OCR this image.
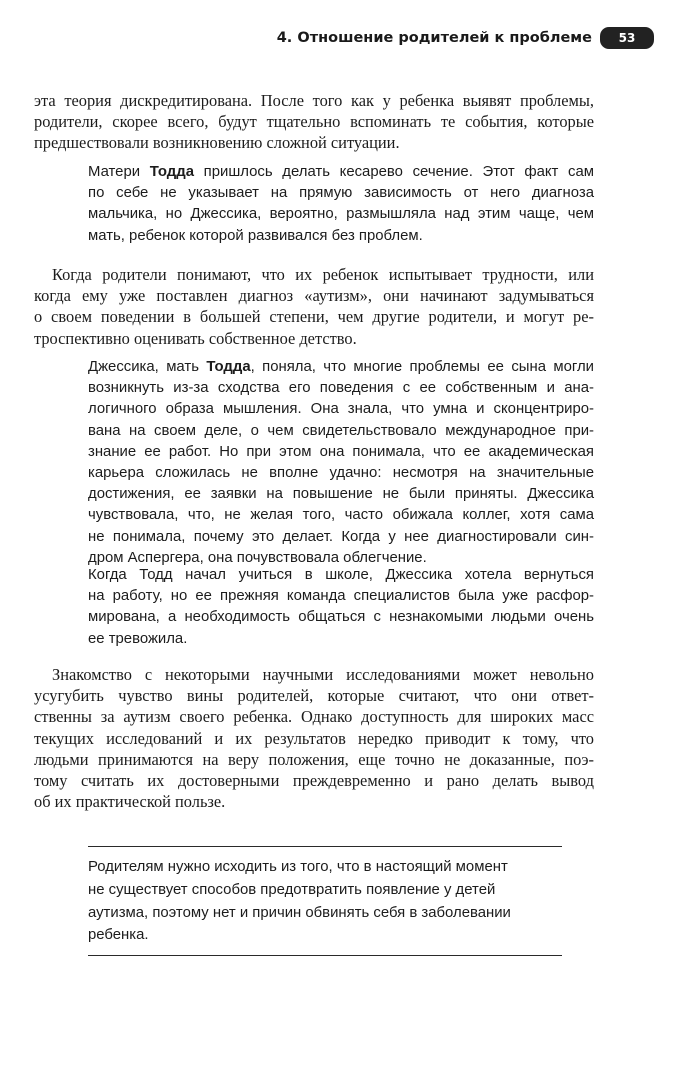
4. Отношение родителей к проблеме	53
эта теория дискредитирована. После того как у ребенка выявят проблемы,
родители, скорее всего, будут тщательно вспоминать те события, которые
предшествовали возникновению сложной ситуации.
Матери Тодда пришлось делать кесарево сечение. Этот факт сам
по себе не указывает на прямую зависимость от него диагноза
мальчика, но Джессика, вероятно, размышляла над этим чаще, чем
мать, ребенок которой развивался без проблем.
Когда родители понимают, что их ребенок испытывает трудности, или
когда ему уже поставлен диагноз «аутизм», они начинают задумываться
о своем поведении в большей степени, чем другие родители, и могут ре-
троспективно оценивать собственное детство.
Джессика, мать Тодда, поняла, что многие проблемы ее сына могли
возникнуть из-за сходства его поведения с ее собственным и ана-
логичного образа мышления. Она знала, что умна и сконцентриро-
вана на своем деле, о чем свидетельствовало международное при-
знание ее работ. Но при этом она понимала, что ее академическая
карьера сложилась не вполне удачно: несмотря на значительные
достижения, ее заявки на повышение не были приняты. Джессика
чувствовала, что, не желая того, часто обижала коллег, хотя сама
не понимала, почему это делает. Когда у нее диагностировали син-
дром Аспергера, она почувствовала облегчение.
Когда Тодд начал учиться в школе, Джессика хотела вернуться
на работу, но ее прежняя команда специалистов была уже расфор-
мирована, а необходимость общаться с незнакомыми людьми очень
ее тревожила.
Знакомство с некоторыми научными исследованиями может невольно
усугубить чувство вины родителей, которые считают, что они ответ-
ственны за аутизм своего ребенка. Однако доступность для широких масс
текущих исследований и их результатов нередко приводит к тому, что
людьми принимаются на веру положения, еще точно не доказанные, поэ-
тому считать их достоверными преждевременно и рано делать вывод
об их практической пользе.
Родителям нужно исходить из того, что в настоящий момент
не существует способов предотвратить появление у детей
аутизма, поэтому нет и причин обвинять себя в заболевании
ребенка.
